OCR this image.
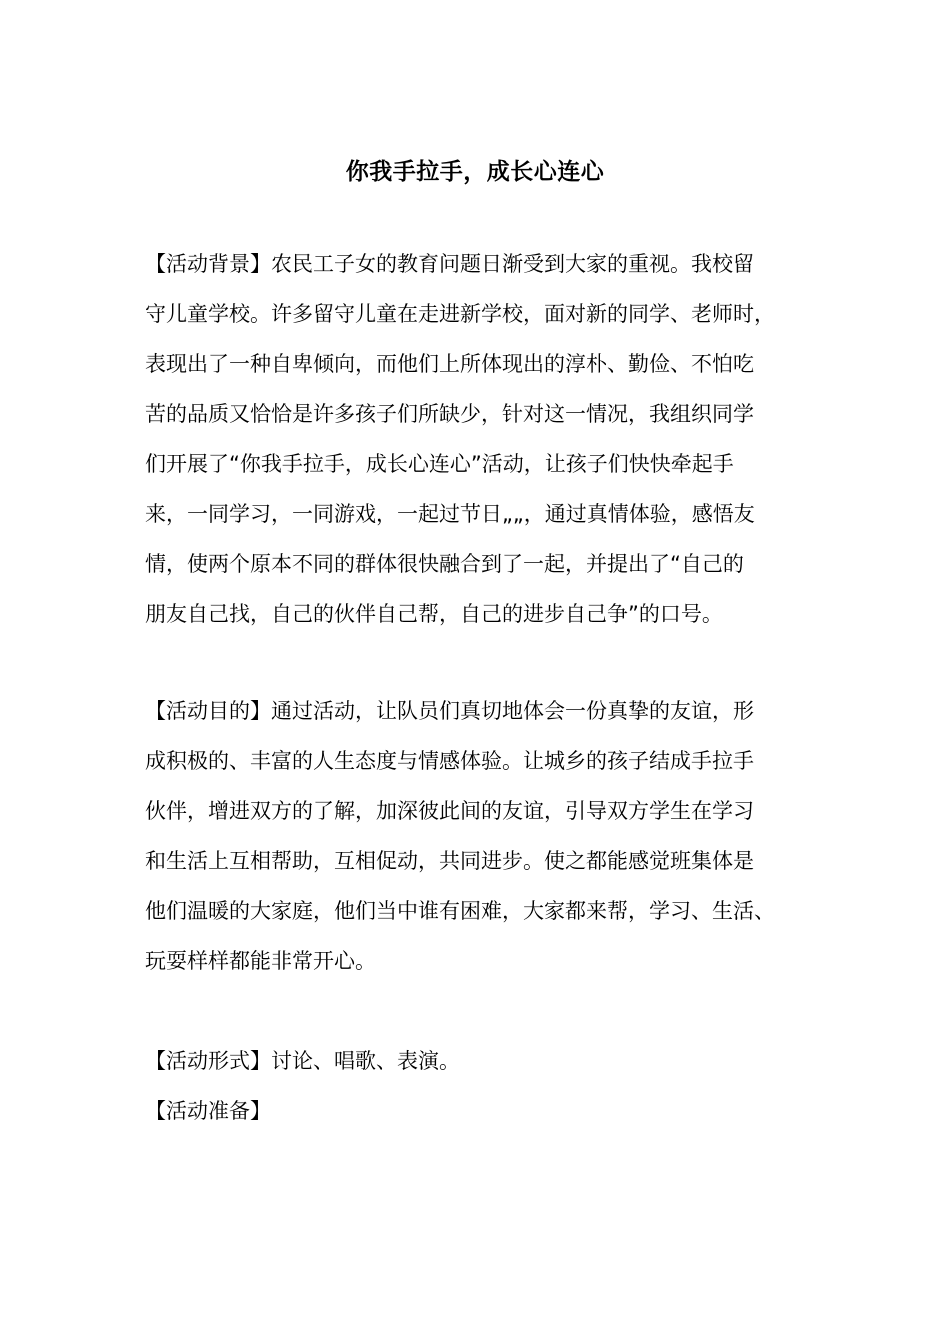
你我手拉手，成长心连心
【活动背景】农民工子女的教育问题日渐受到大家的重视。我校留
守儿童学校。许多留守儿童在走进新学校，面对新的同学、老师时，
表现出了一种自卑倾向，而他们上所体现出的淳朴、勤俭、不怕吃
苦的品质又恰恰是许多孩子们所缺少，针对这一情况，我组织同学
们开展了“你我手拉手，成长心连心”活动，让孩子们快快牵起手
来，一同学习，一同游戏，一起过节日„„，通过真情体验，感悟友
情，使两个原本不同的群体很快融合到了一起，并提出了“自己的
朋友自己找，自己的伙伴自己帮，自己的进步自己争”的口号。
【活动目的】通过活动，让队员们真切地体会一份真挚的友谊，形
成积极的、丰富的人生态度与情感体验。让城乡的孩子结成手拉手
伙伴，增进双方的了解，加深彼此间的友谊，引导双方学生在学习
和生活上互相帮助，互相促动，共同进步。使之都能感觉班集体是
他们温暖的大家庭，他们当中谁有困难，大家都来帮，学习、生活、
玩耍样样都能非常开心。
【活动形式】讨论、唱歌、表演。
【活动准备】
